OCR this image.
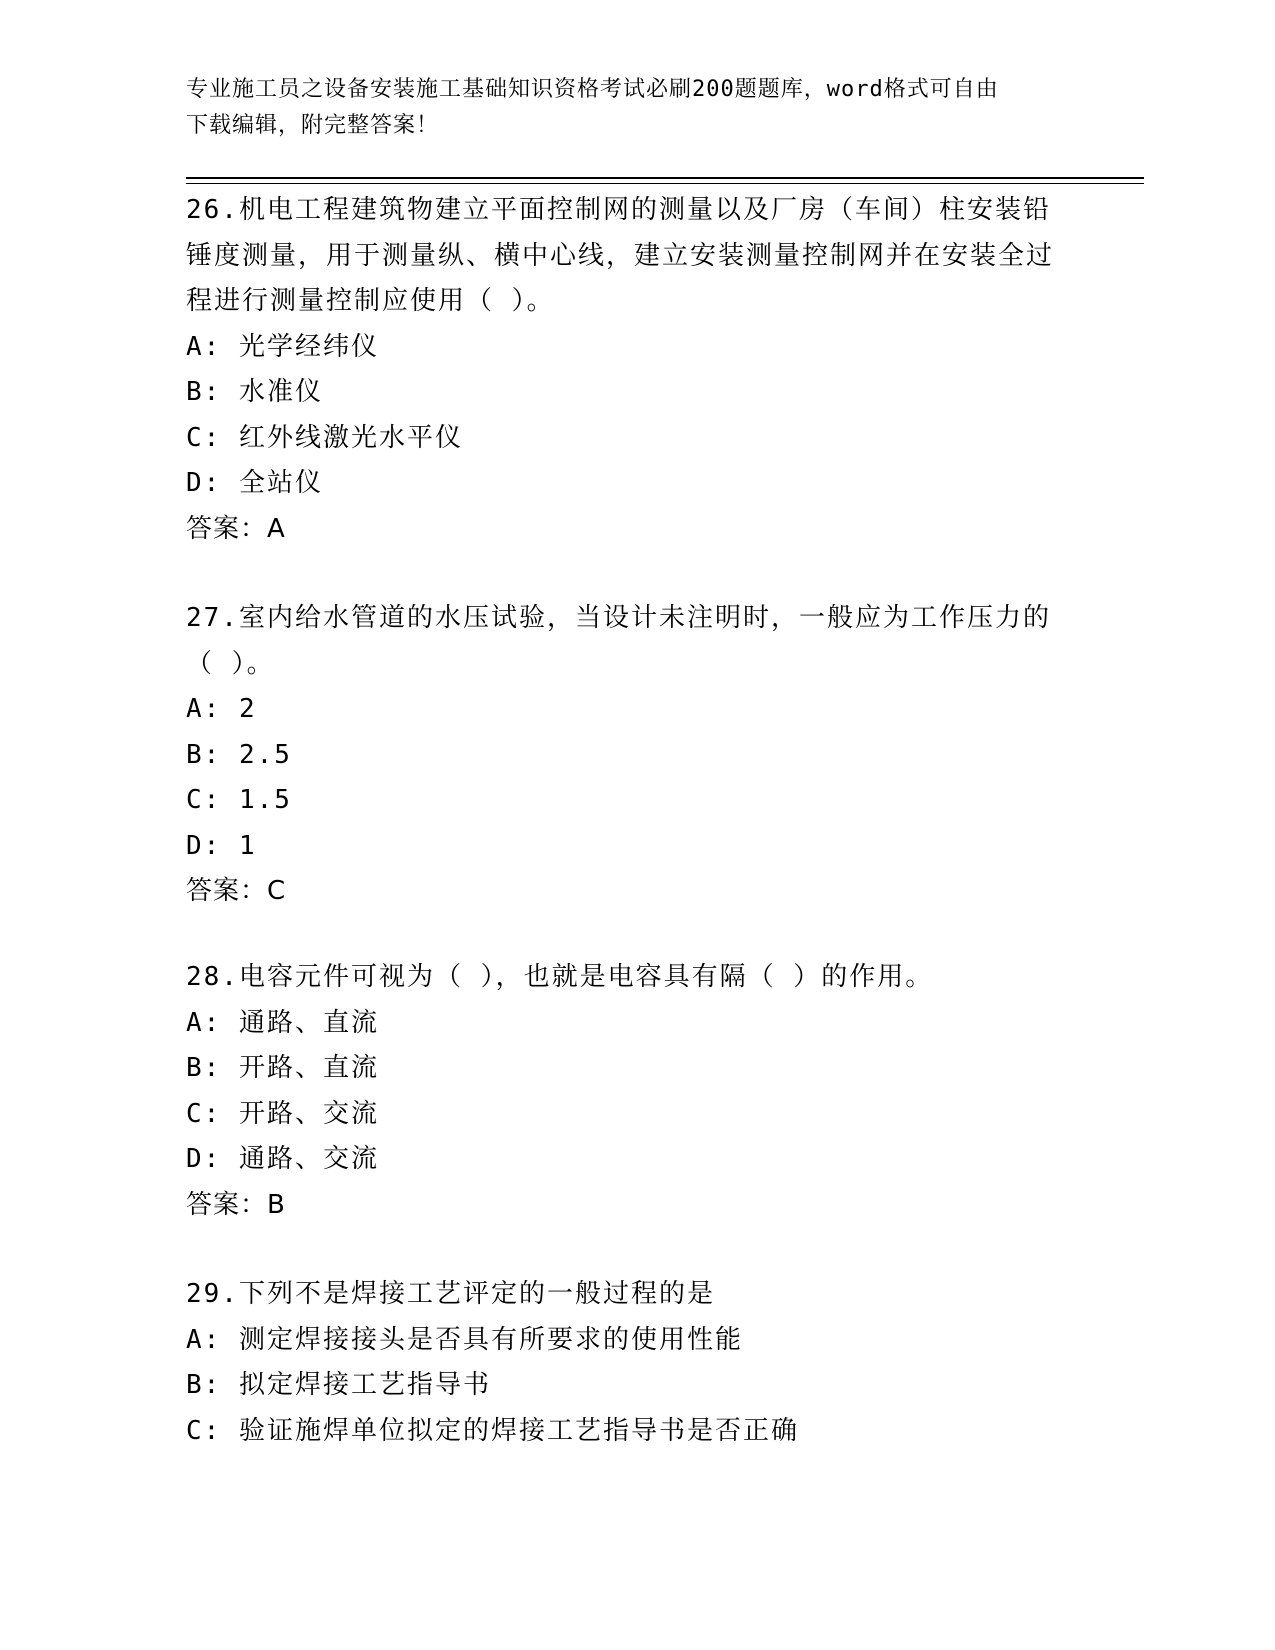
专业施工员之设备安装施工基础知识资格考试必刷200题题库，word格式可自由
下载编辑，附完整答案！

26.机电工程建筑物建立平面控制网的测量以及厂房（车间）柱安装铅锤度测量，用于测量纵、横中心线，建立安装测量控制网并在安装全过程进行测量控制应使用（ ）。

A: 光学经纬仪

B: 水准仪

C: 红外线激光水平仪

D: 全站仪

答案：A

27.室内给水管道的水压试验，当设计未注明时，一般应为工作压力的（ ）。

A: 2

B: 2.5

C: 1.5

D: 1

答案：C

28.电容元件可视为（ ），也就是电容具有隔（ ）的作用。

A: 通路、直流

B: 开路、直流

C: 开路、交流

D: 通路、交流

答案：B

29.下列不是焊接工艺评定的一般过程的是

A: 测定焊接接头是否具有所要求的使用性能

B: 拟定焊接工艺指导书

C: 验证施焊单位拟定的焊接工艺指导书是否正确
